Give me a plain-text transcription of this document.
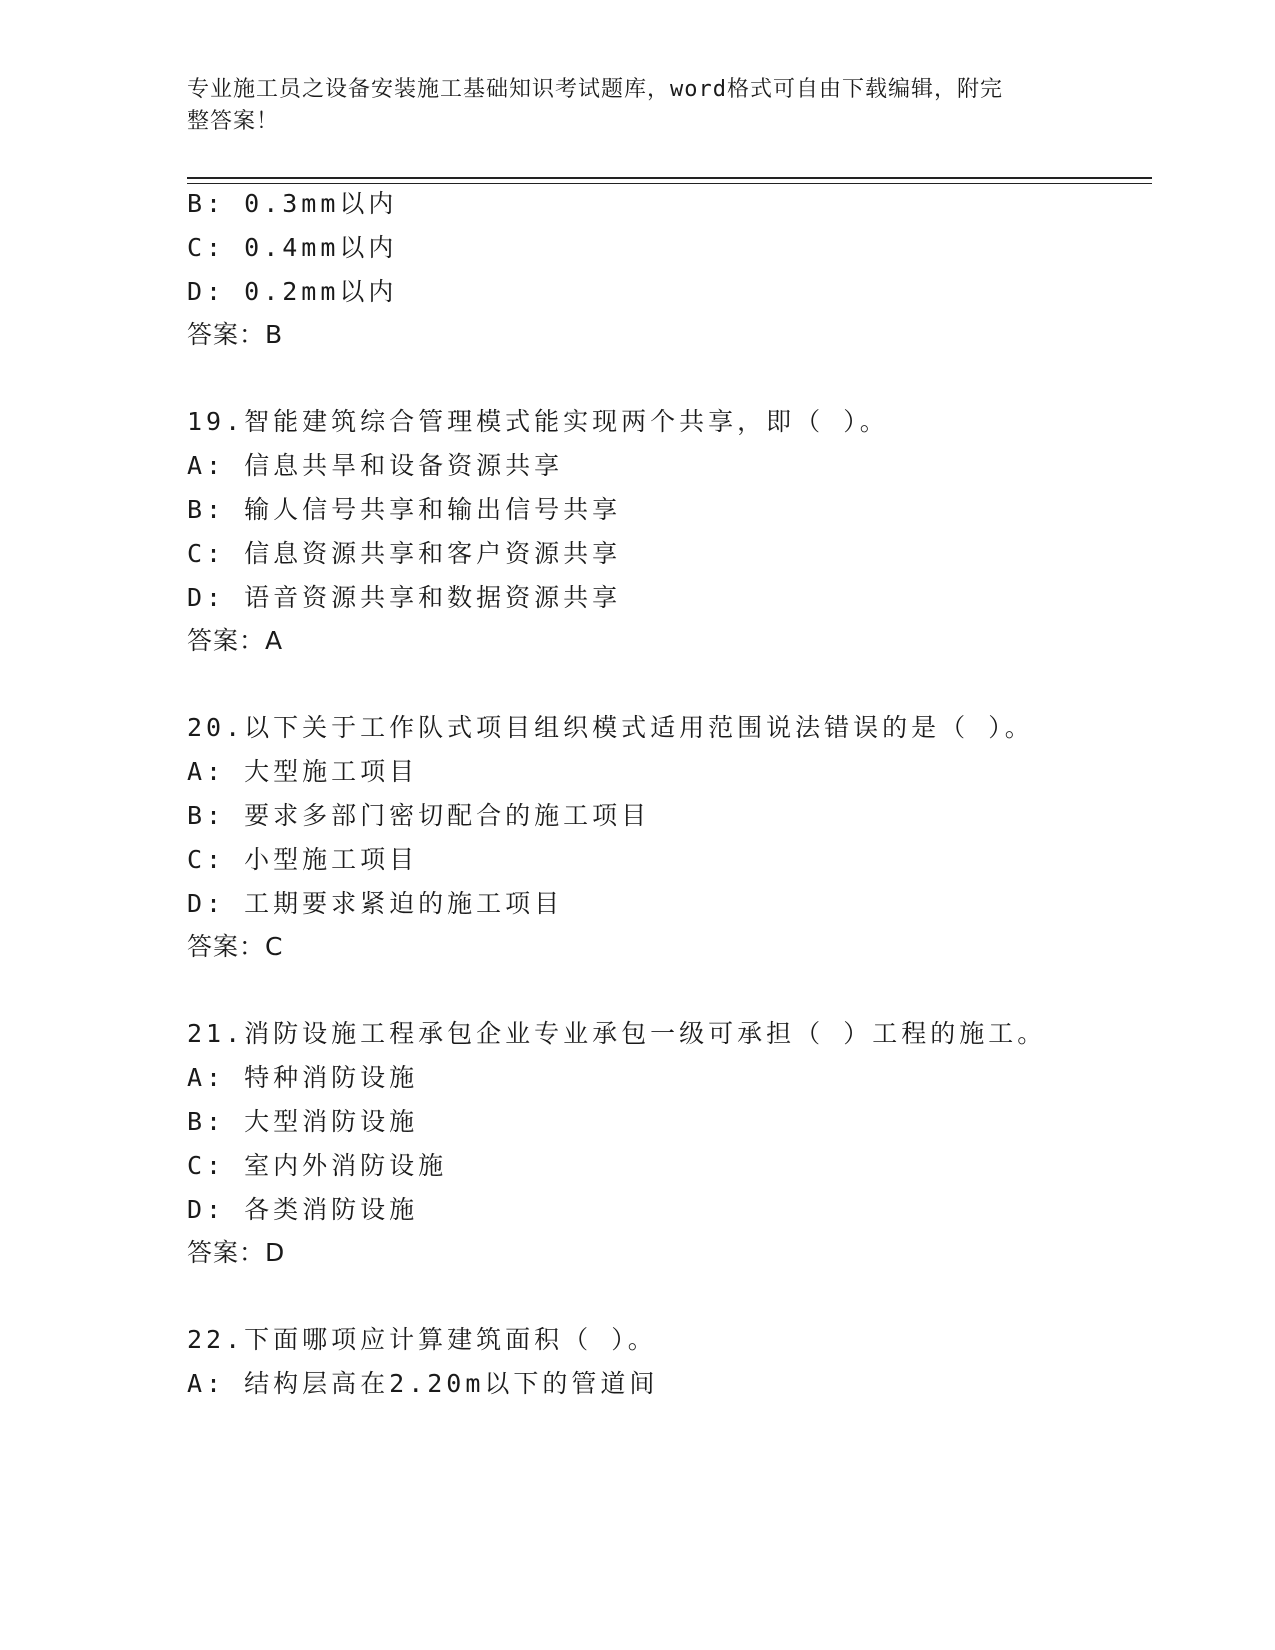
专业施工员之设备安装施工基础知识考试题库，word格式可自由下载编辑，附完
整答案！
B: 0.3mm以内
C: 0.4mm以内
D: 0.2mm以内
答案：B
19.智能建筑综合管理模式能实现两个共享，即（ ）。
A: 信息共旱和设备资源共享
B: 输人信号共享和输出信号共享
C: 信息资源共享和客户资源共享
D: 语音资源共享和数据资源共享
答案：A
20.以下关于工作队式项目组织模式适用范围说法错误的是（ ）。
A: 大型施工项目
B: 要求多部门密切配合的施工项目
C: 小型施工项目
D: 工期要求紧迫的施工项目
答案：C
21.消防设施工程承包企业专业承包一级可承担（ ）工程的施工。
A: 特种消防设施
B: 大型消防设施
C: 室内外消防设施
D: 各类消防设施
答案：D
22.下面哪项应计算建筑面积（ ）。
A: 结构层高在2.20m以下的管道间
